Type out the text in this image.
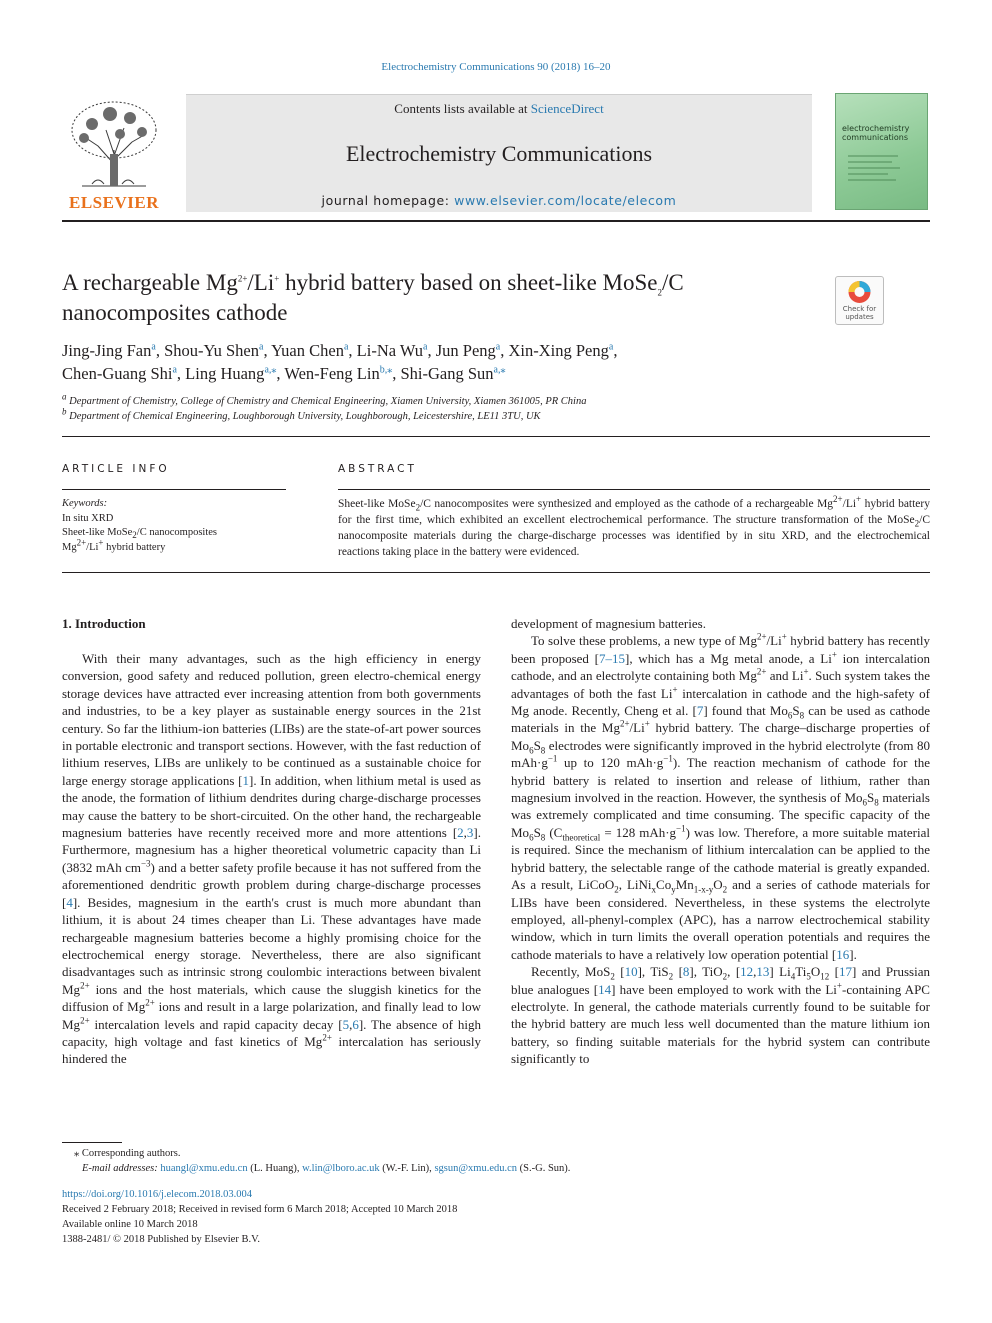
Electrochemistry Communications 90 (2018) 16–20
ELSEVIER
Contents lists available at ScienceDirect
Electrochemistry Communications
journal homepage: www.elsevier.com/locate/elecom
electrochemistry communications
A rechargeable $Mg^{2+}/Li^+$ hybrid battery based on sheet-like MoSe$_2$/C nanocomposites cathode	Check for updates
Jing-Jing Fan$^a$, Shou-Yu Shen$^a$, Yuan Chen$^a$, Li-Na Wu$^a$, Jun Peng$^a$, Xin-Xing Peng$^a$,
Chen-Guang Shi$^a$, Ling Huang$^{a,⁎}$, Wen-Feng Lin$^{b,⁎}$, Shi-Gang Sun$^{a,⁎}$
$^a$ Department of Chemistry, College of Chemistry and Chemical Engineering, Xiamen University, Xiamen 361005, PR China
$^b$ Department of Chemical Engineering, Loughborough University, Loughborough, Leicestershire, LE11 3TU, UK
ARTICLE INFO
Keywords:
In situ XRD
Sheet-like MoSe$_2$/C nanocomposites
$Mg^{2+}/Li^+$ hybrid battery
ABSTRACT
Sheet-like MoSe$_2$/C nanocomposites were synthesized and employed as the cathode of a rechargeable $Mg^{2+}/Li^+$ hybrid battery for the first time, which exhibited an excellent electrochemical performance. The structure transformation of the MoSe$_2$/C nanocomposite materials during the charge-discharge processes was identified by in situ XRD, and the electrochemical reactions taking place in the battery were evidenced.
1. Introduction

With their many advantages, such as the high efficiency in energy conversion, good safety and reduced pollution, green electro-chemical energy storage devices have attracted ever increasing attention from both governments and industries, to be a key player as sustainable energy sources in the 21st century. So far the lithium-ion batteries (LIBs) are the state-of-art power sources in portable electronic and transport sections. However, with the fast reduction of lithium reserves, LIBs are unlikely to be continued as a sustainable choice for large energy storage applications [1]. In addition, when lithium metal is used as the anode, the formation of lithium dendrites during charge-discharge processes may cause the battery to be short-circuited. On the other hand, the rechargeable magnesium batteries have recently received more and more attentions [2,3]. Furthermore, magnesium has a higher theoretical volumetric capacity than Li (3832 mAh $cm^{-3}$) and a better safety profile because it has not suffered from the aforementioned dendritic growth problem during charge-discharge processes [4]. Besides, magnesium in the earth's crust is much more abundant than lithium, it is about 24 times cheaper than Li. These advantages have made rechargeable magnesium batteries become a highly promising choice for the electrochemical energy storage. Nevertheless, there are also significant disadvantages such as intrinsic strong coulombic interactions between bivalent $Mg^{2+}$ ions and the host materials, which cause the sluggish kinetics for the diffusion of $Mg^{2+}$ ions and result in a large polarization, and finally lead to low $Mg^{2+}$ intercalation levels and rapid capacity decay [5,6]. The absence of high capacity, high voltage and fast kinetics of $Mg^{2+}$ intercalation has seriously hindered the

development of magnesium batteries.

To solve these problems, a new type of $Mg^{2+}/Li^+$ hybrid battery has recently been proposed [7–15], which has a Mg metal anode, a Li+ ion intercalation cathode, and an electrolyte containing both $Mg^{2+}$ and Li+. Such system takes the advantages of both the fast Li+ intercalation in cathode and the high-safety of Mg anode. Recently, Cheng et al. [7] found that $Mo_6S_8$ can be used as cathode materials in the $Mg^{2+}/Li^+$ hybrid battery. The charge–discharge properties of $Mo_6S_8$ electrodes were significantly improved in the hybrid electrolyte (from 80 $mAh\cdot g^{-1}$ up to 120 $mAh\cdot g^{-1}$). The reaction mechanism of cathode for the hybrid battery is related to insertion and release of lithium, rather than magnesium involved in the reaction. However, the synthesis of $Mo_6S_8$ materials was extremely complicated and time consuming. The specific capacity of the $Mo_6S_8$ ($C_{theoretical} = 128$ $mAh\cdot g^{-1}$) was low. Therefore, a more suitable material is required. Since the mechanism of lithium intercalation can be applied to the hybrid battery, the selectable range of the cathode material is greatly expanded. As a result, LiCoO$_2$, $LiNi_xCo_yMn_{1-x-y}O_2$ and a series of cathode materials for LIBs have been considered. Nevertheless, in these systems the electrolyte employed, all-phenyl-complex (APC), has a narrow electrochemical stability window, which in turn limits the overall operation potentials and requires the cathode materials to have a relatively low operation potential [16].

Recently, MoS$_2$ [10], TiS$_2$ [8], TiO$_2$, [12,13] $Li_4Ti_5O_{12}$ [17] and Prussian blue analogues [14] have been employed to work with the Li+-containing APC electrolyte. In general, the cathode materials currently found to be suitable for the hybrid battery are much less well documented than the mature lithium ion battery, so finding suitable materials for the hybrid system can contribute significantly to

⁎ Corresponding authors.
E-mail addresses: huangl@xmu.edu.cn (L. Huang), w.lin@lboro.ac.uk (W.-F. Lin), sgsun@xmu.edu.cn (S.-G. Sun).
https://doi.org/10.1016/j.elecom.2018.03.004
Received 2 February 2018; Received in revised form 6 March 2018; Accepted 10 March 2018
Available online 10 March 2018
1388-2481/ © 2018 Published by Elsevier B.V.
